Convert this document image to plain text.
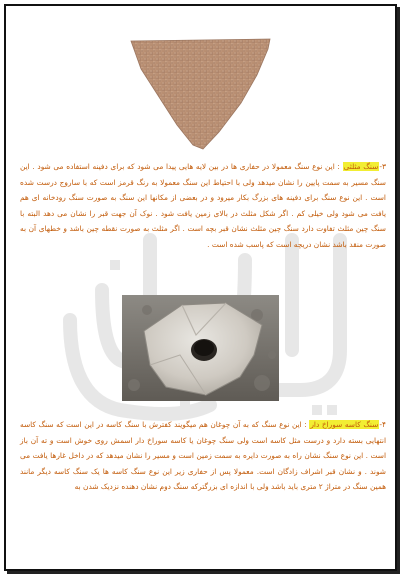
۳-سنگ مثلثی : این نوع سنگ معمولا در حفاری ها در بین لایه هایی پیدا می شود که برای دفینه استفاده می شود . این سنگ مسیر به سمت پایین را نشان میدهد ولی با احتیاط این سنگ معمولا به رنگ قرمز است که با ساروج درست شده است . این نوع سنگ برای دفینه های بزرگ بکار میرود و در بعضی از مکانها این سنگ به صورت سنگ رودخانه ای هم یافت می شود ولی خیلی کم . اگر شکل مثلث در بالای زمین یافت شود . نوک آن جهت قبر را نشان می دهد البته با سنگ چین مثلث تفاوت دارد سنگ چین مثلث نشان قبر بچه است . اگر مثلث به صورت نقطه چین باشد و خطهای آن به صورت منقد باشد نشان دریچه است که پاسب شده است .
۴-سنگ کاسه سوراخ دار : این نوع سنگ که به آن چوغان هم میگویند کفترش با سنگ کاسه در این است که سنگ کاسه انتهایی بسته دارد و درست مثل کاسه است ولی سنگ چوغان یا کاسه سوراخ دار اسمش روی خوش است و ته آن باز است . این نوع سنگ نشان راه به صورت دایره به سمت زمین است و مسیر را نشان میدهد که در داخل غارها یافت می شوند . و نشان قبر اشراف زادگان است. معمولا پس از حفاری زیر این نوع سنگ کاسه ها یک سنگ کاسه دیگر مانند همین سنگ در متراژ ۲ متری باید باشد ولی با اندازه ای بزرگترکه سنگ دوم نشان دهنده نزدیک شدن به
